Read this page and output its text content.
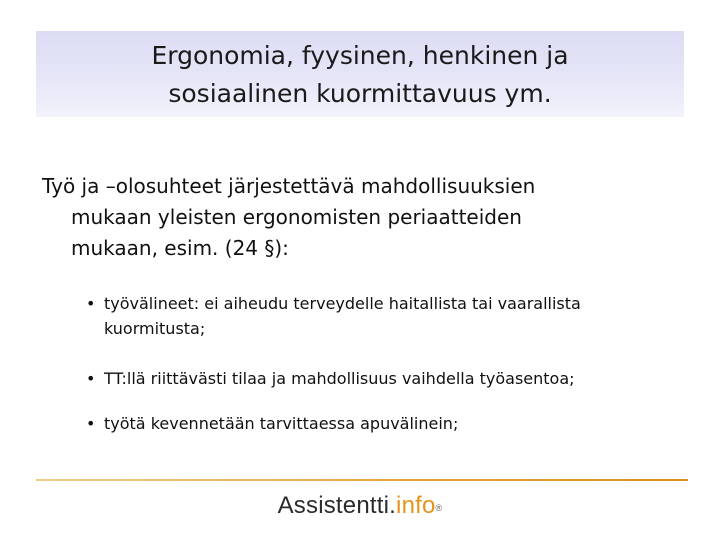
Ergonomia, fyysinen, henkinen ja
sosiaalinen kuormittavuus ym.
Työ ja –olosuhteet järjestettävä mahdollisuuksien
mukaan yleisten ergonomisten periaatteiden
mukaan, esim. (24 §):
• työvälineet: ei aiheudu terveydelle haitallista tai vaarallista
kuormitusta;
• TT:llä riittävästi tilaa ja mahdollisuus vaihdella työasentoa;
• työtä kevennetään tarvittaessa apuvälinein;
Assistentti.info®
